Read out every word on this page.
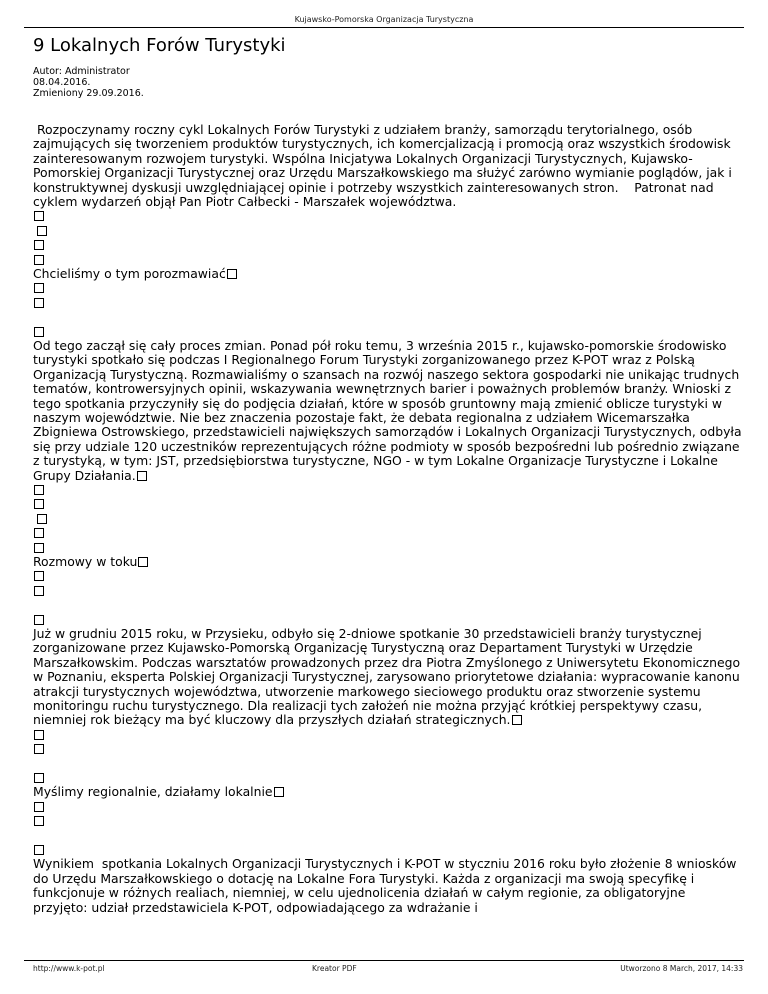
Kujawsko-Pomorska Organizacja Turystyczna
9 Lokalnych Forów Turystyki
Autor: Administrator
08.04.2016.
Zmieniony 29.09.2016.

Rozpoczynamy roczny cykl Lokalnych Forów Turystyki z udziałem branży, samorządu terytorialnego, osób zajmujących się tworzeniem produktów turystycznych, ich komercjalizacją i promocją oraz wszystkich środowisk zainteresowanym rozwojem turystyki. Wspólna Inicjatywa Lokalnych Organizacji Turystycznych, Kujawsko-Pomorskiej Organizacji Turystycznej oraz Urzędu Marszałkowskiego ma służyć zarówno wymianie poglądów, jak i konstruktywnej dyskusji uwzględniającej opinie i potrzeby wszystkich zainteresowanych stron.    Patronat nad cyklem wydarzeń objął Pan Piotr Całbecki - Marszałek województwa.

Chcieliśmy o tym porozmawiać

Od tego zaczął się cały proces zmian. Ponad pół roku temu, 3 września 2015 r., kujawsko-pomorskie środowisko turystyki spotkało się podczas I Regionalnego Forum Turystyki zorganizowanego przez K-POT wraz z Polską Organizacją Turystyczną. Rozmawialiśmy o szansach na rozwój naszego sektora gospodarki nie unikając trudnych tematów, kontrowersyjnych opinii, wskazywania wewnętrznych barier i poważnych problemów branży. Wnioski z tego spotkania przyczyniły się do podjęcia działań, które w sposób gruntowny mają zmienić oblicze turystyki w naszym województwie. Nie bez znaczenia pozostaje fakt, że debata regionalna z udziałem Wicemarszałka Zbigniewa Ostrowskiego, przedstawicieli największych samorządów i Lokalnych Organizacji Turystycznych, odbyła się przy udziale 120 uczestników reprezentujących różne podmioty w sposób bezpośredni lub pośrednio związane z turystyką, w tym: JST, przedsiębiorstwa turystyczne, NGO - w tym Lokalne Organizacje Turystyczne i Lokalne Grupy Działania.

Rozmowy w toku

Już w grudniu 2015 roku, w Przysieku, odbyło się 2-dniowe spotkanie 30 przedstawicieli branży turystycznej zorganizowane przez Kujawsko-Pomorską Organizację Turystyczną oraz Departament Turystyki w Urzędzie Marszałkowskim. Podczas warsztatów prowadzonych przez dra Piotra Zmyślonego z Uniwersytetu Ekonomicznego w Poznaniu, eksperta Polskiej Organizacji Turystycznej, zarysowano priorytetowe działania: wypracowanie kanonu atrakcji turystycznych województwa, utworzenie markowego sieciowego produktu oraz stworzenie systemu monitoringu ruchu turystycznego. Dla realizacji tych założeń nie można przyjąć krótkiej perspektywy czasu, niemniej rok bieżący ma być kluczowy dla przyszłych działań strategicznych.

Myślimy regionalnie, działamy lokalnie

Wynikiem  spotkania Lokalnych Organizacji Turystycznych i K-POT w styczniu 2016 roku było złożenie 8 wniosków do Urzędu Marszałkowskiego o dotację na Lokalne Fora Turystyki. Każda z organizacji ma swoją specyfikę i funkcjonuje w różnych realiach, niemniej, w celu ujednolicenia działań w całym regionie, za obligatoryjne przyjęto: udział przedstawiciela K-POT, odpowiadającego za wdrażanie i

http://www.k-pot.pl	Kreator PDF	Utworzono 8 March, 2017, 14:33
